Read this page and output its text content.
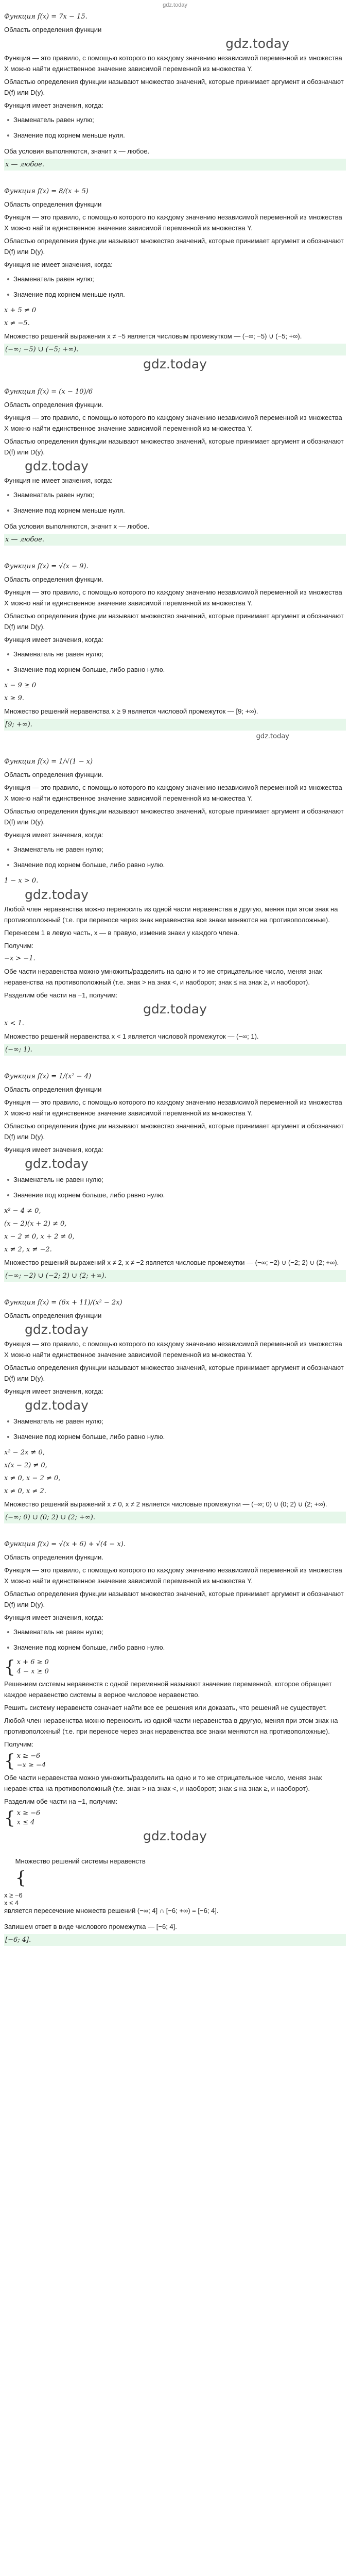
gdz.today

Функция f(x) = 7x − 15.

Область определения функции

gdz.today

Функция — это правило, с помощью которого по каждому значению независимой переменной из множества X можно найти единственное значение зависимой переменной из множества Y.

Областью определения функции называют множество значений, которые принимает аргумент и обозначают D(f) или D(y).

Функция имеет значения, когда:

Знаменатель равен нулю;
Значение под корнем меньше нуля.

Оба условия выполняются, значит x — любое.

x — любое.

Функция f(x) = 8/(x + 5)

Область определения функции

Функция — это правило, с помощью которого по каждому значению независимой переменной из множества X можно найти единственное значение зависимой переменной из множества Y.

Областью определения функции называют множество значений, которые принимает аргумент и обозначают D(f) или D(y).

Функция не имеет значения, когда:

Знаменатель равен нулю;
Значение под корнем меньше нуля.

x + 5 ≠ 0

x ≠ −5.

Множество решений выражения x ≠ −5 является числовым промежутком — (−∞; −5) ∪ (−5; +∞).

(−∞; −5) ∪ (−5; +∞).
gdz.today

Функция f(x) = (x − 10)/6

Область определения функции.

Функция — это правило, с помощью которого по каждому значению независимой переменной из множества X можно найти единственное значение зависимой переменной из множества Y.

Областью определения функции называют множество значений, которые принимает аргумент и обозначают D(f) или D(y).

gdz.today

Функция не имеет значения, когда:

Знаменатель равен нулю;
Значение под корнем меньше нуля.

Оба условия выполняются, значит x — любое.

x — любое.

Функция f(x) = √(x − 9).

Область определения функции.

Функция — это правило, с помощью которого по каждому значению независимой переменной из множества X можно найти единственное значение зависимой переменной из множества Y.

Областью определения функции называют множество значений, которые принимает аргумент и обозначают D(f) или D(y).

Функция имеет значения, когда:

Знаменатель не равен нулю;
Значение под корнем больше, либо равно нулю.

x − 9 ≥ 0

x ≥ 9.

Множество решений неравенства x ≥ 9 является числовой промежуток — [9; +∞).

[9; +∞).
gdz.today

Функция f(x) = 1/√(1 − x)

Область определения функции.

Функция — это правило, с помощью которого по каждому значению независимой переменной из множества X можно найти единственное значение зависимой переменной из множества Y.

Областью определения функции называют множество значений, которые принимает аргумент и обозначают D(f) или D(y).

Функция имеет значения, когда:

Знаменатель не равен нулю;
Значение под корнем больше, либо равно нулю.

1 − x > 0.

gdz.today

Любой член неравенства можно переносить из одной части неравенства в другую, меняя при этом знак на противоположный (т.е. при переносе через знак неравенства все знаки меняются на противоположные).

Перенесем 1 в левую часть, x — в правую, изменив знаки у каждого члена.

Получим:

−x > −1.

Обе части неравенства можно умножить/разделить на одно и то же отрицательное число, меняя знак неравенства на противоположный (т.е. знак > на знак <, и наоборот; знак ≤ на знак ≥, и наоборот).

Разделим обе части на −1, получим:

gdz.today

x < 1.

Множество решений неравенства x < 1 является числовой промежуток — (−∞; 1).

(−∞; 1).

Функция f(x) = 1/(x² − 4)

Область определения функции

Функция — это правило, с помощью которого по каждому значению независимой переменной из множества X можно найти единственное значение зависимой переменной из множества Y.

Областью определения функции называют множество значений, которые принимает аргумент и обозначают D(f) или D(y).

Функция имеет значения, когда:

gdz.today
Знаменатель не равен нулю;
Значение под корнем больше, либо равно нулю.

x² − 4 ≠ 0,

(x − 2)(x + 2) ≠ 0,

x − 2 ≠ 0, x + 2 ≠ 0,

x ≠ 2, x ≠ −2.

Множество решений выражений x ≠ 2, x ≠ −2 является числовые промежутки — (−∞; −2) ∪ (−2; 2) ∪ (2; +∞).

(−∞; −2) ∪ (−2; 2) ∪ (2; +∞).

Функция f(x) = (6x + 11)/(x² − 2x)

Область определения функции

gdz.today

Функция — это правило, с помощью которого по каждому значению независимой переменной из множества X можно найти единственное значение зависимой переменной из множества Y.

Областью определения функции называют множество значений, которые принимает аргумент и обозначают D(f) или D(y).

Функция имеет значения, когда:

gdz.today
Знаменатель не равен нулю;
Значение под корнем больше, либо равно нулю.

x² − 2x ≠ 0,

x(x − 2) ≠ 0,

x ≠ 0, x − 2 ≠ 0,

x ≠ 0, x ≠ 2.

Множество решений выражений x ≠ 0, x ≠ 2 является числовые промежутки — (−∞; 0) ∪ (0; 2) ∪ (2; +∞).

(−∞; 0) ∪ (0; 2) ∪ (2; +∞).

Функция f(x) = √(x + 6) + √(4 − x).

Область определения функции.

Функция — это правило, с помощью которого по каждому значению независимой переменной из множества X можно найти единственное значение зависимой переменной из множества Y.

Областью определения функции называют множество значений, которые принимает аргумент и обозначают D(f) или D(y).

Функция имеет значения, когда:

Знаменатель не равен нулю;
Значение под корнем больше, либо равно нулю.
{ x + 6 ≥ 0
4 − x ≥ 0

Решением системы неравенств с одной переменной называют значение переменной, которое обращает каждое неравенство системы в верное числовое неравенство.

Решить систему неравенств означает найти все ее решения или доказать, что решений не существует.

Любой член неравенства можно переносить из одной части неравенства в другую, меняя при этом знак на противоположный (т.е. при переносе через знак неравенства все знаки меняются на противоположные).

Получим:

{ x ≥ −6
−x ≥ −4

Обе части неравенства можно умножить/разделить на одно и то же отрицательное число, меняя знак неравенства на противоположный (т.е. знак > на знак <, и наоборот; знак ≤ на знак ≥, и наоборот).

Разделим обе части на −1, получим:

{ x ≥ −6
x ≤ 4
gdz.today

Множество решений системы неравенств

{

x ≥ −6
x ≤ 4
является пересечение множеств решений (−∞; 4] ∩ [−6; +∞) = [−6; 4].

Запишем ответ в виде числового промежутка — [−6; 4].

[−6; 4].
